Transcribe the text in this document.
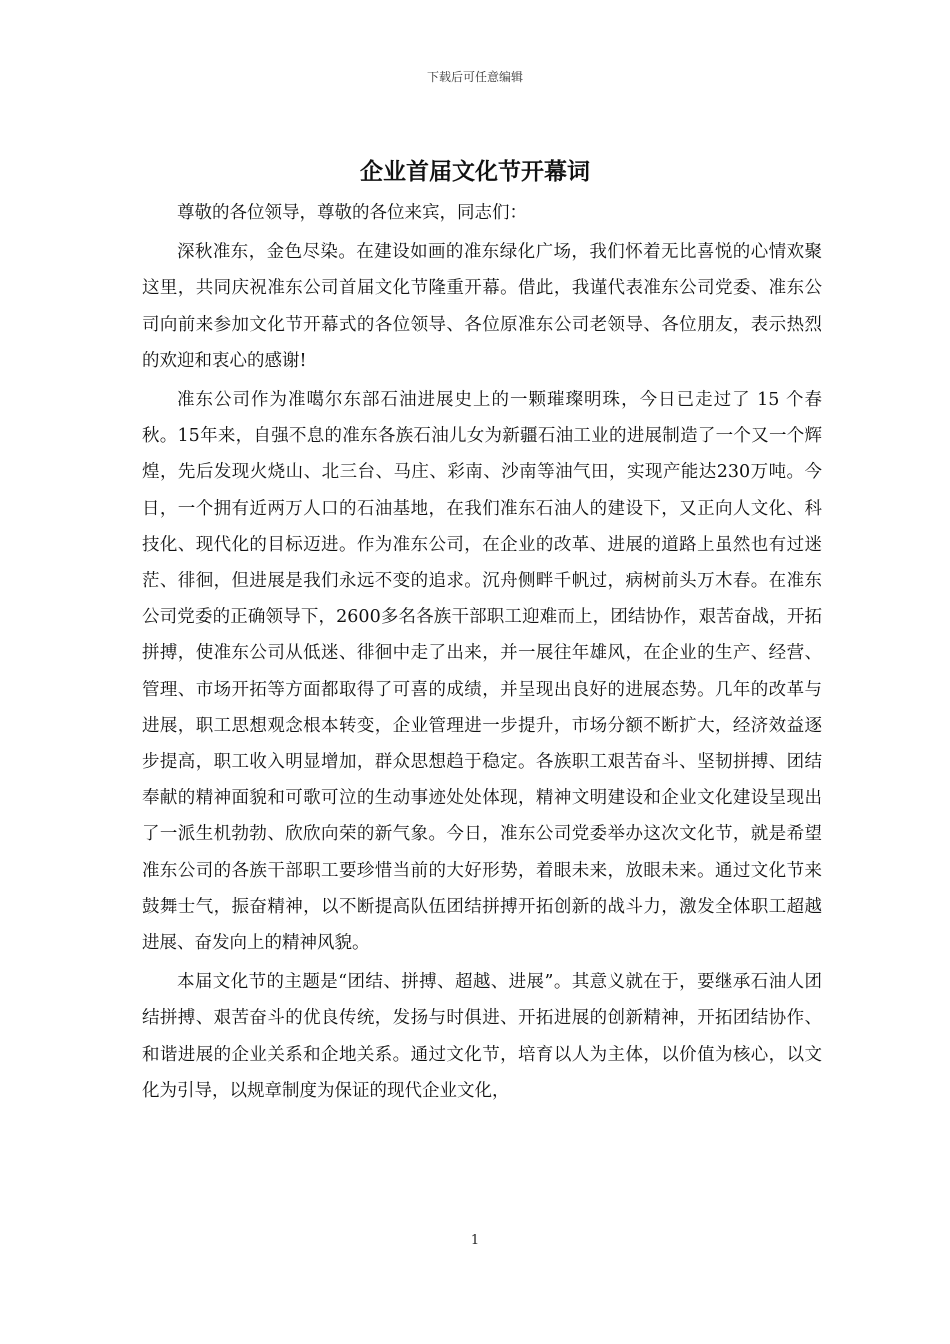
下载后可任意编辑
企业首届文化节开幕词

尊敬的各位领导，尊敬的各位来宾，同志们：

深秋准东，金色尽染。在建设如画的准东绿化广场，我们怀着无比喜悦的心情欢聚这里，共同庆祝准东公司首届文化节隆重开幕。借此，我谨代表准东公司党委、准东公司向前来参加文化节开幕式的各位领导、各位原准东公司老领导、各位朋友，表示热烈的欢迎和衷心的感谢!

准东公司作为准噶尔东部石油进展史上的一颗璀璨明珠，今日已走过了 15 个春秋。15年来，自强不息的准东各族石油儿女为新疆石油工业的进展制造了一个又一个辉煌，先后发现火烧山、北三台、马庄、彩南、沙南等油气田，实现产能达230万吨。今日，一个拥有近两万人口的石油基地，在我们准东石油人的建设下，又正向人文化、科技化、现代化的目标迈进。作为准东公司，在企业的改革、进展的道路上虽然也有过迷茫、徘徊，但进展是我们永远不变的追求。沉舟侧畔千帆过，病树前头万木春。在准东公司党委的正确领导下，2600多名各族干部职工迎难而上，团结协作，艰苦奋战，开拓拼搏，使准东公司从低迷、徘徊中走了出来，并一展往年雄风，在企业的生产、经营、管理、市场开拓等方面都取得了可喜的成绩，并呈现出良好的进展态势。几年的改革与进展，职工思想观念根本转变，企业管理进一步提升，市场分额不断扩大，经济效益逐步提高，职工收入明显增加，群众思想趋于稳定。各族职工艰苦奋斗、坚韧拼搏、团结奉献的精神面貌和可歌可泣的生动事迹处处体现，精神文明建设和企业文化建设呈现出了一派生机勃勃、欣欣向荣的新气象。今日，准东公司党委举办这次文化节，就是希望准东公司的各族干部职工要珍惜当前的大好形势，着眼未来，放眼未来。通过文化节来鼓舞士气，振奋精神，以不断提高队伍团结拼搏开拓创新的战斗力，激发全体职工超越进展、奋发向上的精神风貌。

本届文化节的主题是“团结、拼搏、超越、进展”。其意义就在于，要继承石油人团结拼搏、艰苦奋斗的优良传统，发扬与时俱进、开拓进展的创新精神，开拓团结协作、和谐进展的企业关系和企地关系。通过文化节，培育以人为主体，以价值为核心，以文化为引导，以规章制度为保证的现代企业文化，

1
